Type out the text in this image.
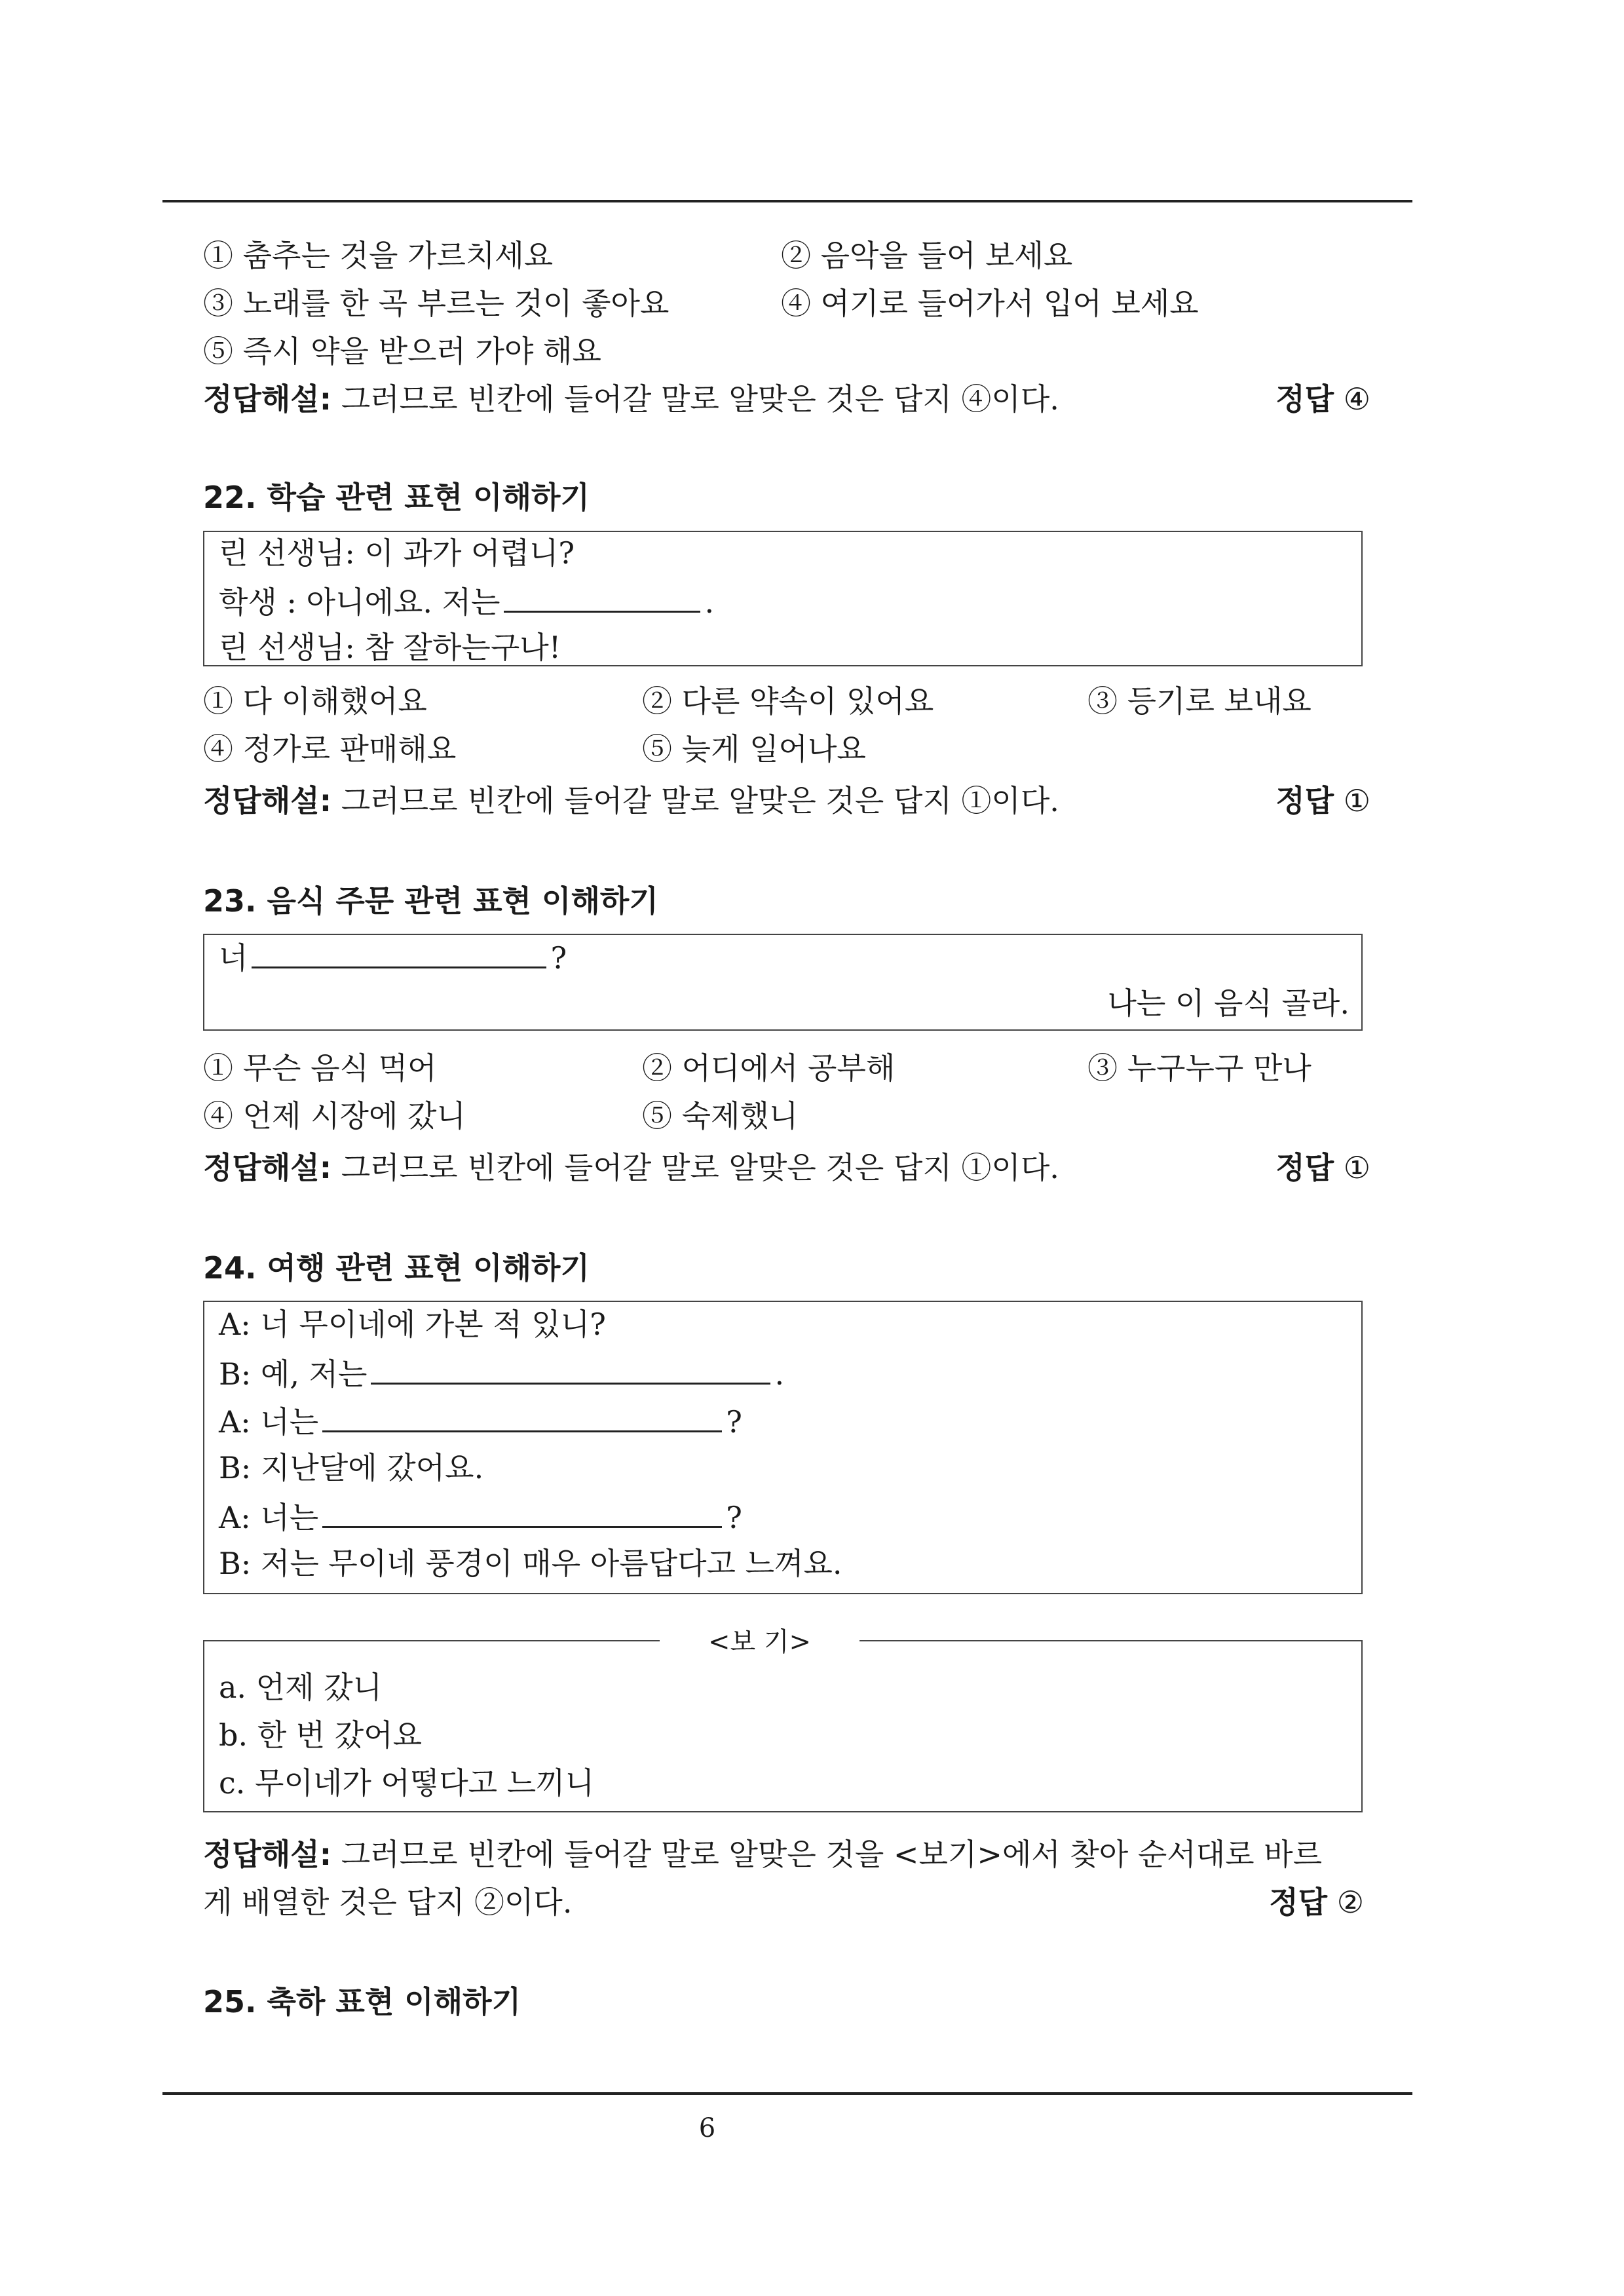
① 춤추는 것을 가르치세요	② 음악을 들어 보세요
③ 노래를 한 곡 부르는 것이 좋아요	④ 여기로 들어가서 입어 보세요
⑤ 즉시 약을 받으러 가야 해요
정답해설: 그러므로 빈칸에 들어갈 말로 알맞은 것은 답지 ④이다.	정답 ④
22. 학습 관련 표현 이해하기
린 선생님: 이 과가 어렵니?
학생 : 아니에요. 저는	.
린 선생님: 참 잘하는구나!
① 다 이해했어요	② 다른 약속이 있어요	③ 등기로 보내요
④ 정가로 판매해요	⑤ 늦게 일어나요
정답해설: 그러므로 빈칸에 들어갈 말로 알맞은 것은 답지 ①이다.	정답 ①
23. 음식 주문 관련 표현 이해하기
너	?
나는 이 음식 골라.
① 무슨 음식 먹어	② 어디에서 공부해	③ 누구누구 만나
④ 언제 시장에 갔니	⑤ 숙제했니
정답해설: 그러므로 빈칸에 들어갈 말로 알맞은 것은 답지 ①이다.	정답 ①
24. 여행 관련 표현 이해하기
A: 너 무이네에 가본 적 있니?
B: 예, 저는	.
A: 너는	?
B: 지난달에 갔어요.
A: 너는	?
B: 저는 무이네 풍경이 매우 아름답다고 느껴요.
a. 언제 갔니
b. 한 번 갔어요
c. 무이네가 어떻다고 느끼니
정답해설: 그러므로 빈칸에 들어갈 말로 알맞은 것을 <보기>에서 찾아 순서대로 바르
게 배열한 것은 답지 ②이다.	정답 ②
25. 축하 표현 이해하기
<보 기>
6
